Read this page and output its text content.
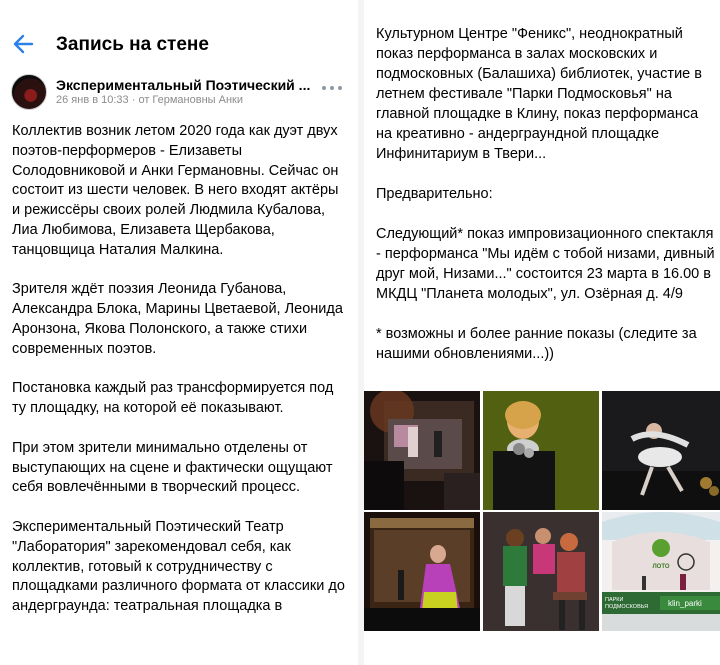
Запись на стене
Экспериментальный Поэтический ...
26 янв в 10:33 · от Германовны Анки
Коллектив возник летом 2020 года как дуэт двух поэтов-перформеров - Елизаветы Солодовниковой и Анки Германовны. Сейчас он состоит из шести человек. В него входят актёры и режиссёры своих ролей Людмила Кубалова, Лиа Любимова, Елизавета Щербакова, танцовщица Наталия Малкина.

Зрителя ждёт поэзия Леонида Губанова, Александра Блока, Марины Цветаевой, Леонида Аронзона, Якова Полонского, а также стихи современных поэтов.

Постановка каждый раз трансформируется под ту площадку, на которой её показывают.

При этом зрители минимально отделены от выступающих на сцене и фактически ощущают себя вовлечёнными в творческий процесс.

Экспериментальный Поэтический Театр "Лаборатория" зарекомендовал себя, как коллектив, готовый к сотрудничеству с площадками различного формата от классики до андерграунда: театральная площадка в
Культурном Центре "Феникс", неоднократный показ перформанса в залах московских и подмосковных (Балашиха) библиотек, участие в летнем фестивале "Парки Подмосковья" на главной площадке в Клину, показ перформанса на креативно - андерграундной площадке Инфинитариум в Твери...

Предварительно:

Следующий* показ импровизационного спектакля - перформанса "Мы идём с тобой низами, дивный друг мой, Низами..." состоится 23 марта в 16.00 в МКДЦ "Планета молодых", ул. Озёрная д. 4/9

* возможны и более ранние показы (следите за нашими обновлениями...))
ЛОТО
ПАРКИ ПОДМОСКОВЬЯ klin_parki
